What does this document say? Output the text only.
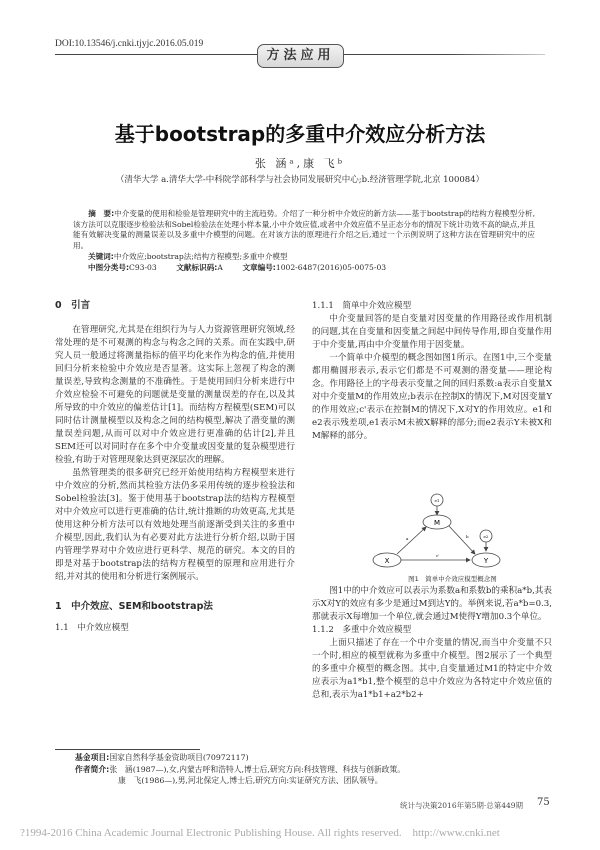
DOI:10.13546/j.cnki.tjyjc.2016.05.019
方法应用
基于bootstrap的多重中介效应分析方法
张 涵ᵃ,康 飞ᵇ
（清华大学 a.清华大学-中科院学部科学与社会协同发展研究中心;b.经济管理学院,北京 100084）
摘　要:中介变量的使用和检验是管理研究中的主流趋势。介绍了一种分析中介效应的新方法——基于bootstrap的结构方程模型分析,该方法可以克服逐步检验法和Sobel检验法在处理小样本量,小中介效应值,或者中介效应值不呈正态分布的情况下统计功效不高的缺点,并且能有效解决变量的测量误差以及多重中介模型的问题。在对该方法的原理进行介绍之后,通过一个示例说明了这种方法在管理研究中的应用。
关键词:中介效应;bootstrap法;结构方程模型;多重中介模型
中图分类号:C93-03   	文献标识码:A   	文章编号:1002-6487(2016)05-0075-03
0　引言

在管理研究,尤其是在组织行为与人力资源管理研究领域,经常处理的是不可观测的构念与构念之间的关系。而在实践中,研究人员一般通过将测量指标的值平均化来作为构念的值,并使用回归分析来检验中介效应是否显著。这实际上忽视了构念的测量误差,导致构念测量的不准确性。于是使用回归分析来进行中介效应检验不可避免的问题就是变量的测量误差的存在,以及其所导致的中介效应的偏差估计[1]。而结构方程模型(SEM)可以同时估计测量模型以及构念之间的结构模型,解决了潜变量的测量误差问题,从而可以对中介效应进行更准确的估计[2],并且SEM还可以对同时存在多个中介变量或因变量的复杂模型进行检验,有助于对管理现象达到更深层次的理解。

虽然管理类的很多研究已经开始使用结构方程模型来进行中介效应的分析,然而其检验方法仍多采用传统的逐步检验法和Sobel检验法[3]。鉴于使用基于bootstrap法的结构方程模型对中介效应可以进行更准确的估计,统计推断的功效更高,尤其是使用这种分析方法可以有效地处理当前逐渐受到关注的多重中介模型,因此,我们认为有必要对此方法进行分析介绍,以助于国内管理学界对中介效应进行更科学、规范的研究。本文的目的即是对基于bootstrap法的结构方程模型的原理和应用进行介绍,并对其的使用和分析进行案例展示。

1　中介效应、SEM和bootstrap法
1.1　中介效应模型
1.1.1　简单中介效应模型

中介变量回答的是自变量对因变量的作用路径或作用机制的问题,其在自变量和因变量之间起中间传导作用,即自变量作用于中介变量,再由中介变量作用于因变量。

一个简单中介模型的概念图如图1所示。在图1中,三个变量都用椭圆形表示,表示它们都是不可观测的潜变量——理论构念。作用路径上的字母表示变量之间的回归系数:a表示自变量X对中介变量M的作用效应;b表示在控制X的情况下,M对因变量Y的作用效应;c'表示在控制M的情况下,X对Y的作用效应。e1和e2表示残差项,e1表示M未被X解释的部分;而e2表示Y未被X和M解释的部分。

e1
M
e2
X	Y
a	b
c'
图1　简单中介效应模型概念图

图1中的中介效应可以表示为系数a和系数b的乘积a*b,其表示X对Y的效应有多少是通过M到达Y的。举例来说,若a*b=0.3,那就表示X每增加一个单位,就会通过M使得Y增加0.3个单位。

1.1.2　多重中介效应模型

上面只描述了存在一个中介变量的情况,而当中介变量不只一个时,相应的模型就称为多重中介模型。图2展示了一个典型的多重中介模型的概念图。其中,自变量通过M1的特定中介效应表示为a1*b1,整个模型的总中介效应为各特定中介效应值的总和,表示为a1*b1+a2*b2+

基金项目:国家自然科学基金资助项目(70972117)
作者简介:张　涵(1987—),女,内蒙古呼和浩特人,博士后,研究方向:科技管理、科技与创新政策。
康　飞(1986—),男,河北保定人,博士后,研究方向:实证研究方法、团队领导。
统计与决策2016年第5期·总第449期 75
?1994-2016 China Academic Journal Electronic Publishing House. All rights reserved.　http://www.cnki.net
